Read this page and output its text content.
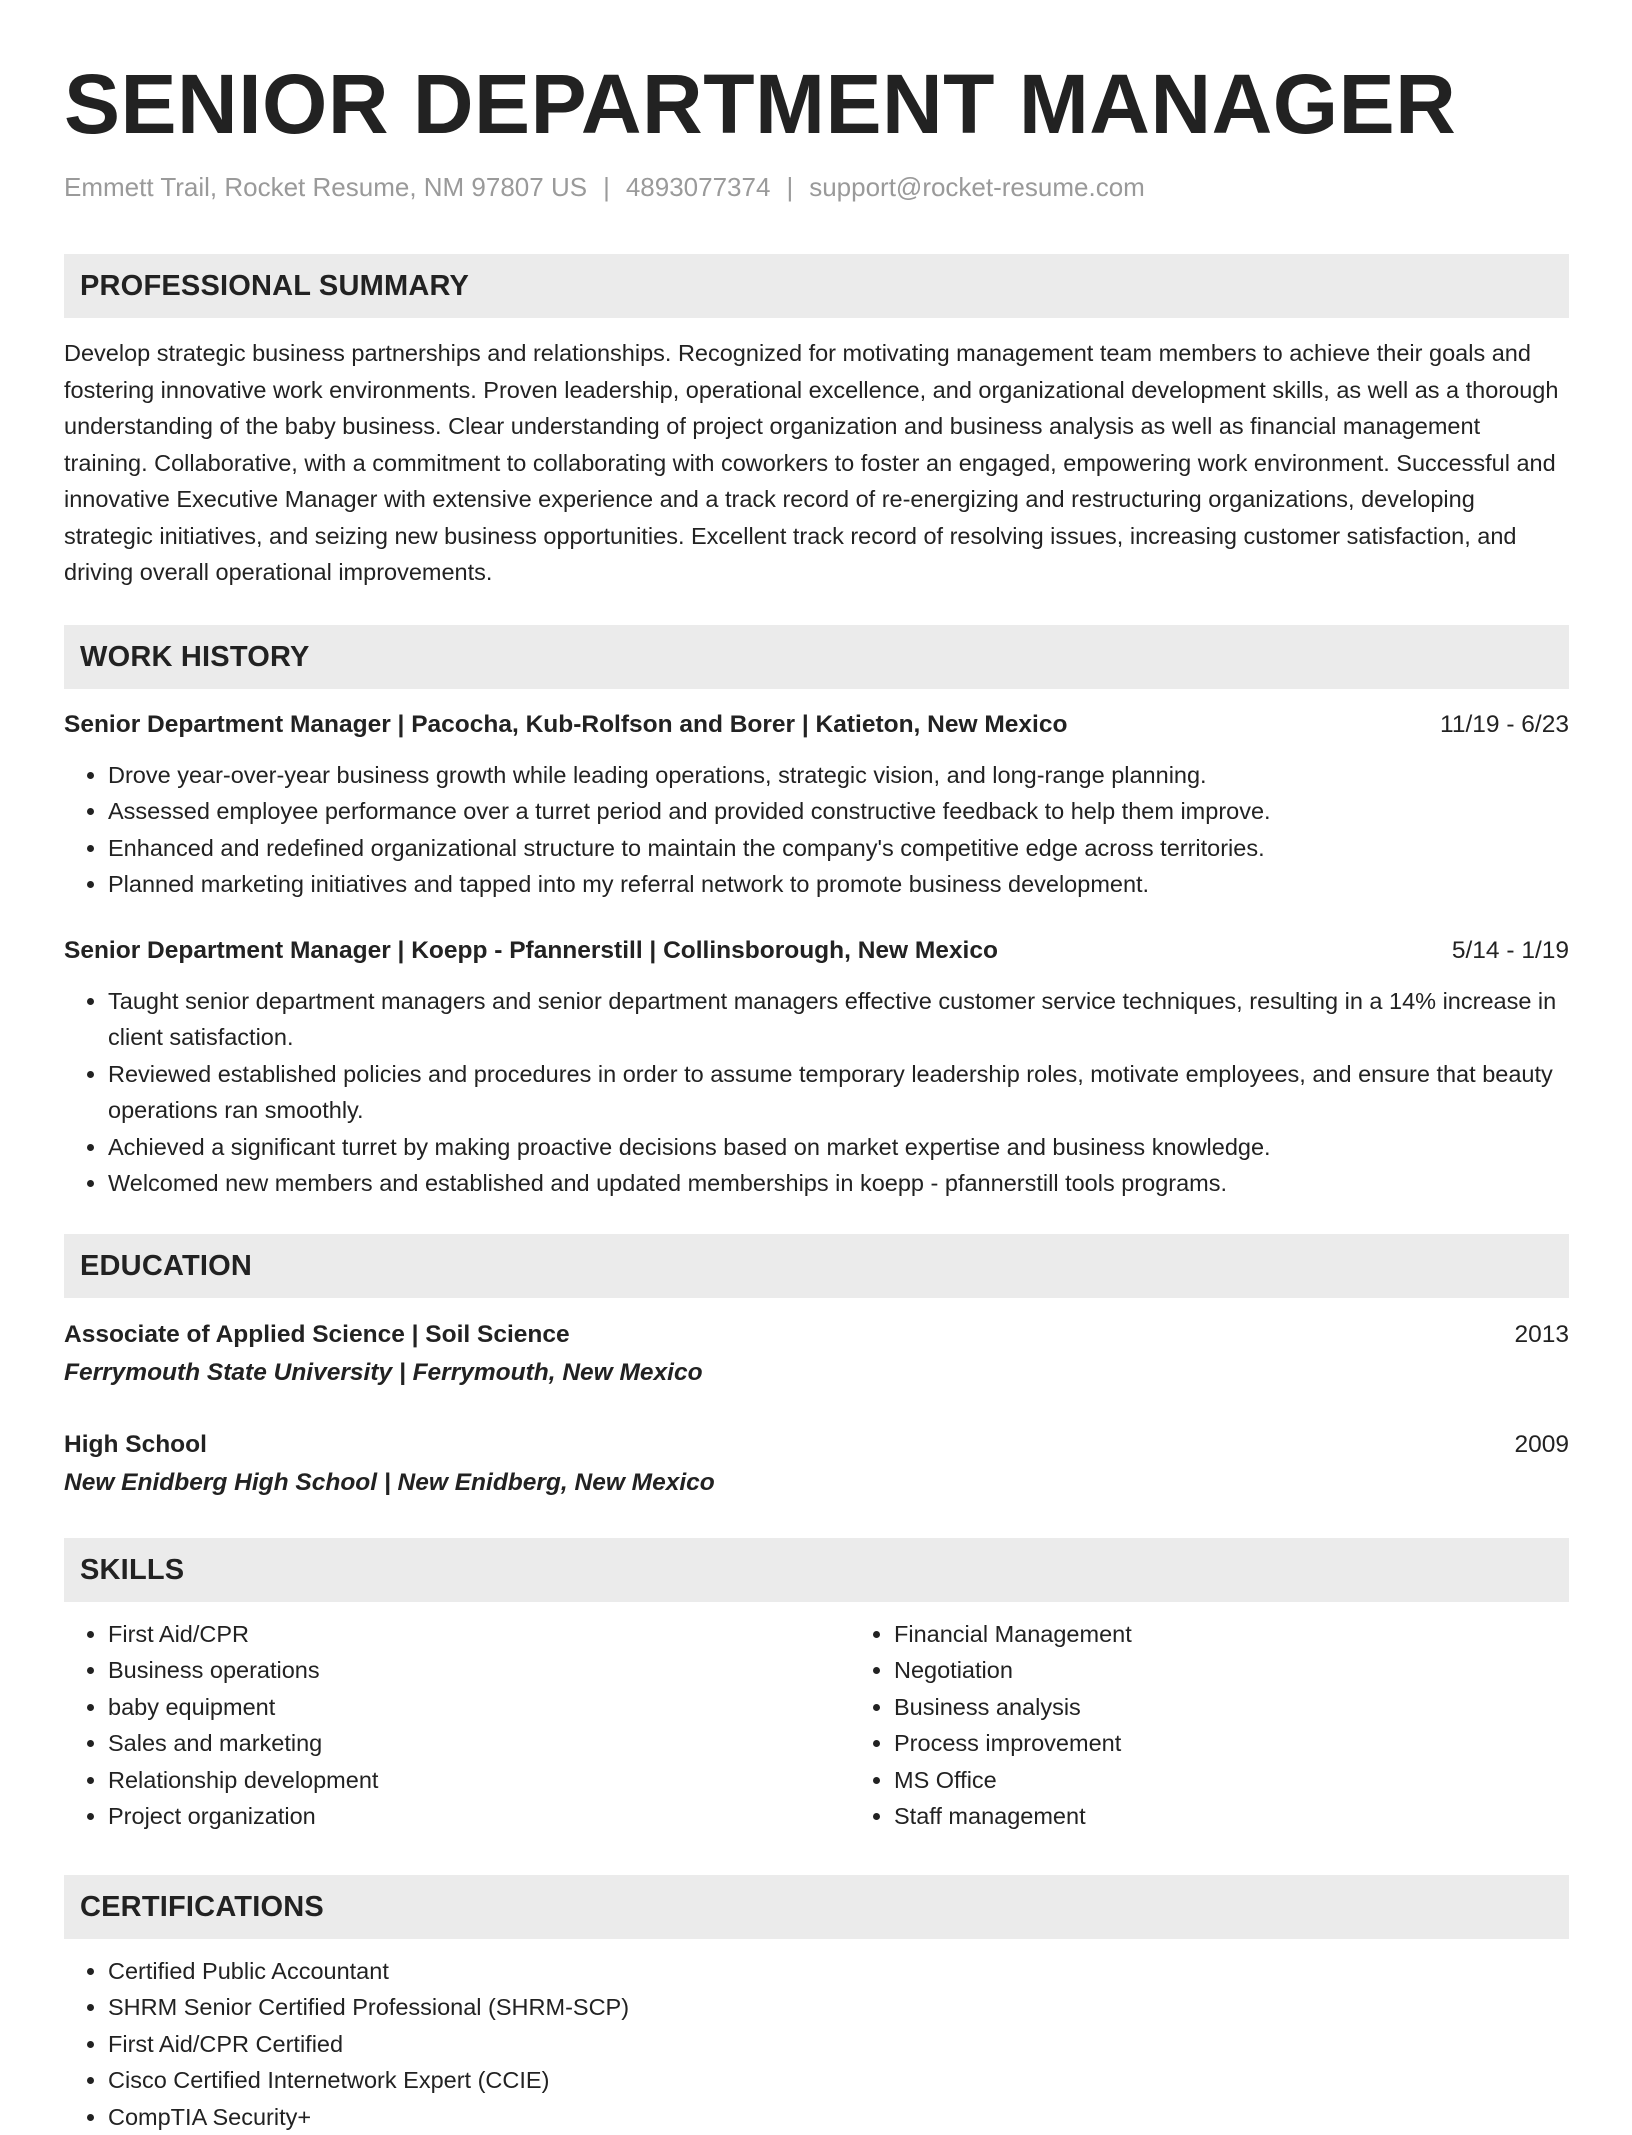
SENIOR DEPARTMENT MANAGER
Emmett Trail, Rocket Resume, NM 97807 US | 4893077374 | support@rocket-resume.com
PROFESSIONAL SUMMARY
Develop strategic business partnerships and relationships. Recognized for motivating management team members to achieve their goals and fostering innovative work environments. Proven leadership, operational excellence, and organizational development skills, as well as a thorough understanding of the baby business. Clear understanding of project organization and business analysis as well as financial management training. Collaborative, with a commitment to collaborating with coworkers to foster an engaged, empowering work environment. Successful and innovative Executive Manager with extensive experience and a track record of re-energizing and restructuring organizations, developing strategic initiatives, and seizing new business opportunities. Excellent track record of resolving issues, increasing customer satisfaction, and driving overall operational improvements.
WORK HISTORY
Senior Department Manager | Pacocha, Kub-Rolfson and Borer | Katieton, New Mexico	11/19 - 6/23
• Drove year-over-year business growth while leading operations, strategic vision, and long-range planning.
• Assessed employee performance over a turret period and provided constructive feedback to help them improve.
• Enhanced and redefined organizational structure to maintain the company's competitive edge across territories.
• Planned marketing initiatives and tapped into my referral network to promote business development.
Senior Department Manager | Koepp - Pfannerstill | Collinsborough, New Mexico	5/14 - 1/19
• Taught senior department managers and senior department managers effective customer service techniques, resulting in a 14% increase in client satisfaction.
• Reviewed established policies and procedures in order to assume temporary leadership roles, motivate employees, and ensure that beauty operations ran smoothly.
• Achieved a significant turret by making proactive decisions based on market expertise and business knowledge.
• Welcomed new members and established and updated memberships in koepp - pfannerstill tools programs.
EDUCATION
Associate of Applied Science | Soil Science	2013
Ferrymouth State University | Ferrymouth, New Mexico
High School	2009
New Enidberg High School | New Enidberg, New Mexico
SKILLS
• First Aid/CPR
• Business operations
• baby equipment
• Sales and marketing
• Relationship development
• Project organization
• Financial Management
• Negotiation
• Business analysis
• Process improvement
• MS Office
• Staff management
CERTIFICATIONS
• Certified Public Accountant
• SHRM Senior Certified Professional (SHRM-SCP)
• First Aid/CPR Certified
• Cisco Certified Internetwork Expert (CCIE)
• CompTIA Security+
